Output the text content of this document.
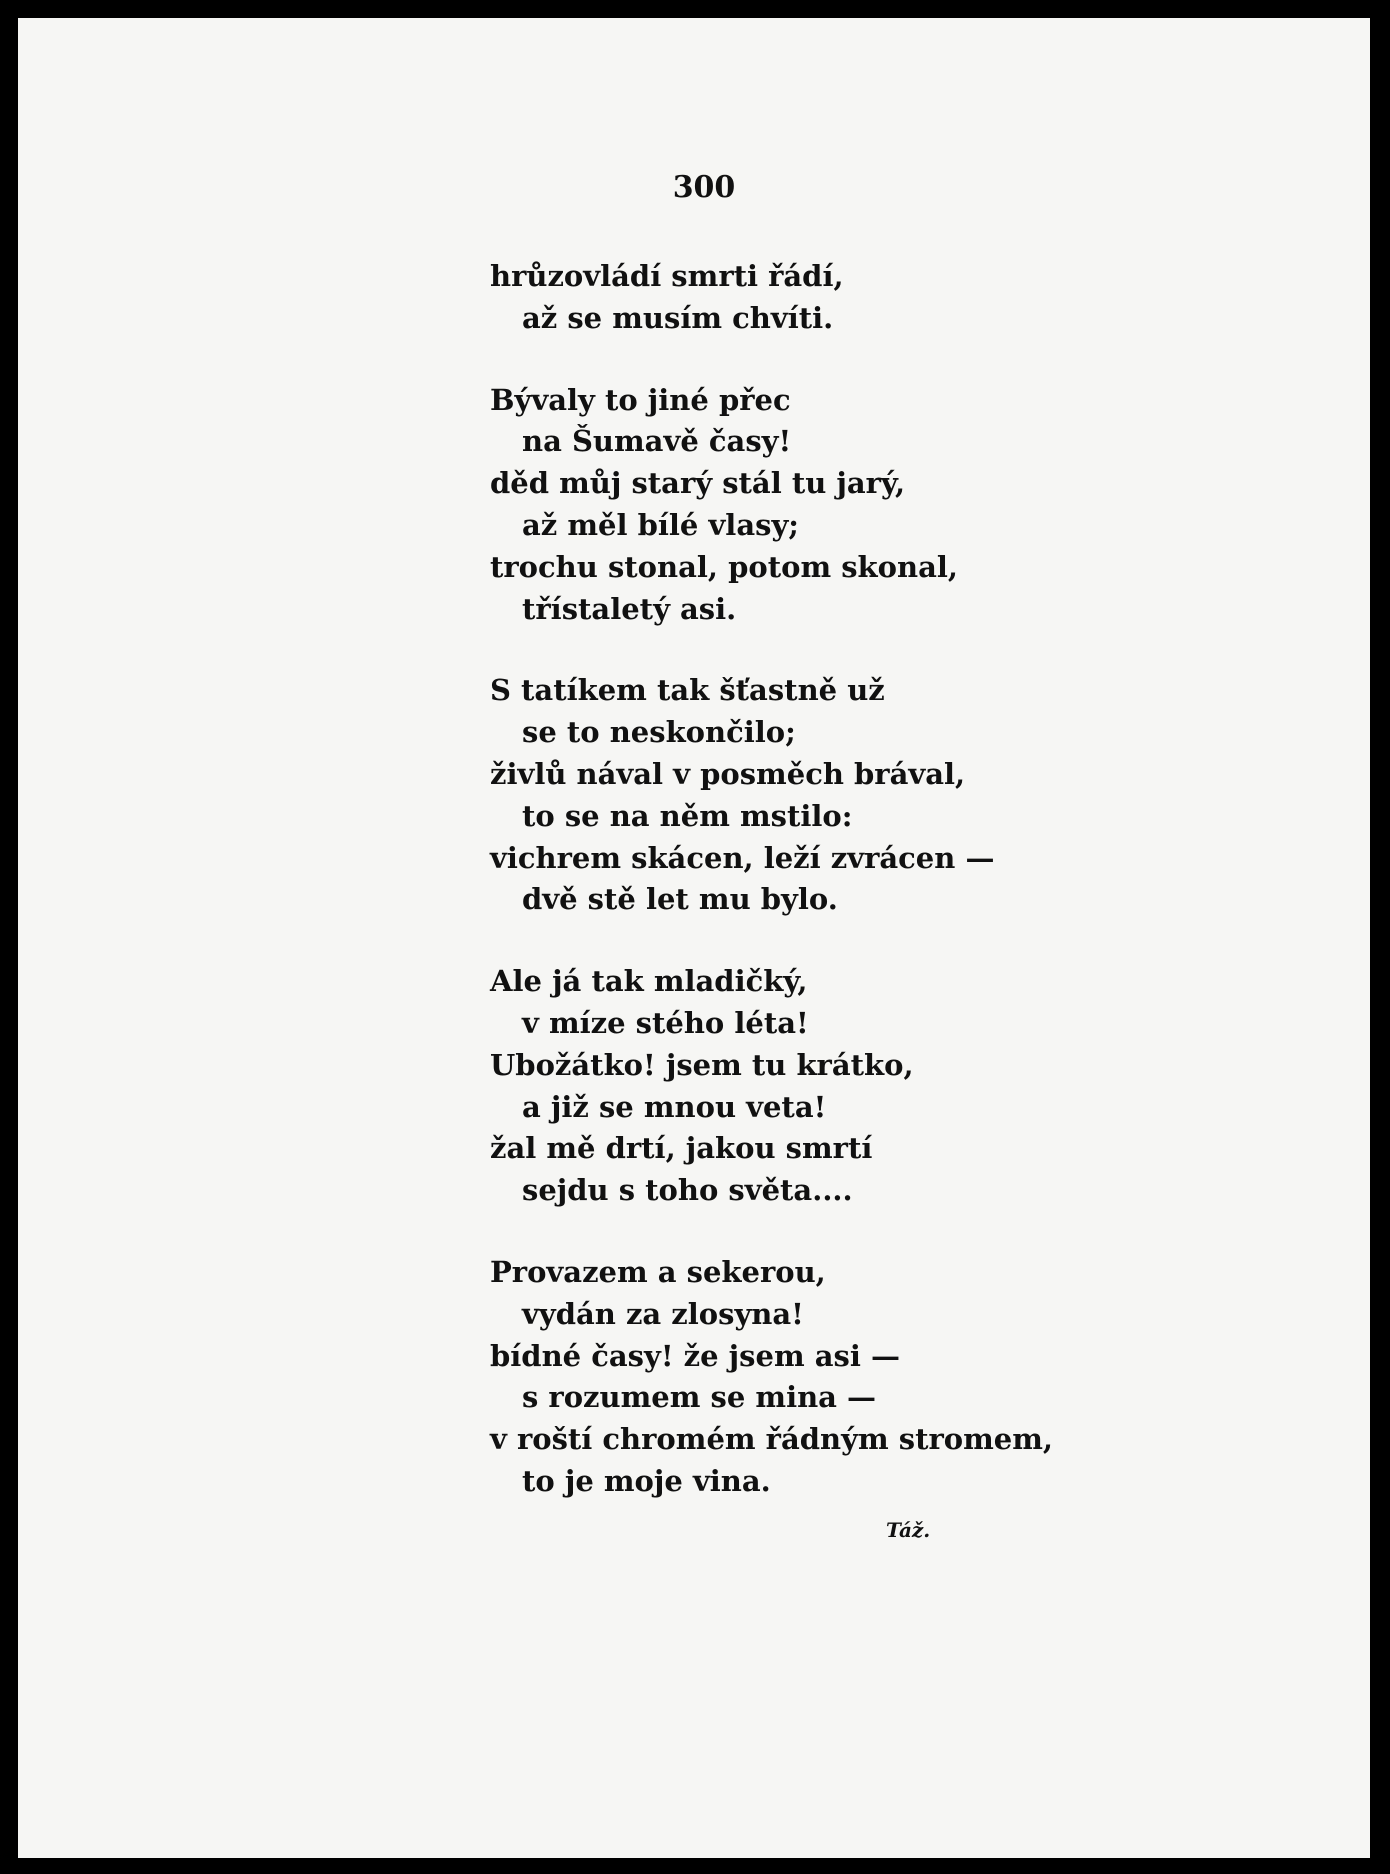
300
hrůzovládí smrti řádí,
až se musím chvíti.
Bývaly to jiné přec
na Šumavě časy!
děd můj starý stál tu jarý,
až měl bílé vlasy;
trochu stonal, potom skonal,
třístaletý asi.
S tatíkem tak šťastně už
se to neskončilo;
živlů nával v posměch brával,
to se na něm mstilo:
vichrem skácen, leží zvrácen —
dvě stě let mu bylo.
Ale já tak mladičký,
v míze stého léta!
Ubožátko! jsem tu krátko,
a již se mnou veta!
žal mě drtí, jakou smrtí
sejdu s toho světa....
Provazem a sekerou,
vydán za zlosyna!
bídné časy! že jsem asi —
s rozumem se mina —
v roští chromém řádným stromem,
to je moje vina.
Táž.
